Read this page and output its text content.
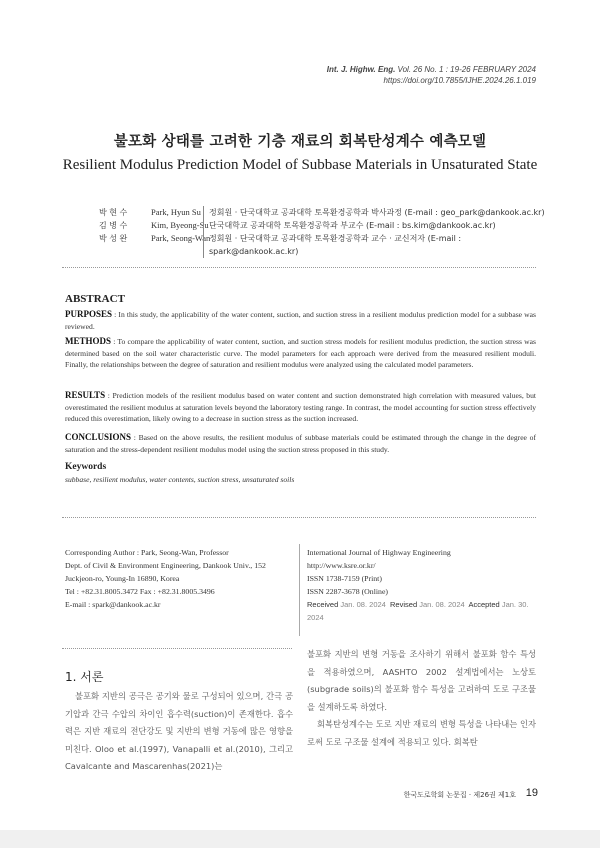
Int. J. Highw. Eng. Vol. 26 No. 1 : 19-26 FEBRUARY 2024
https://doi.org/10.7855/IJHE.2024.26.1.019
불포화 상태를 고려한 기층 재료의 회복탄성계수 예측모델
Resilient Modulus Prediction Model of Subbase Materials in Unsaturated State
박 현 수
김 병 수
박 성 완
Park, Hyun Su
Kim, Byeong-Su
Park, Seong-Wan
정회원 · 단국대학교 공과대학 토목환경공학과 박사과정 (E-mail : geo_park@dankook.ac.kr)
단국대학교 공과대학 토목환경공학과 부교수 (E-mail : bs.kim@dankook.ac.kr)
정회원 · 단국대학교 공과대학 토목환경공학과 교수 · 교신저자 (E-mail : spark@dankook.ac.kr)
ABSTRACT
PURPOSES : In this study, the applicability of the water content, suction, and suction stress in a resilient modulus prediction model for a subbase was reviewed.
METHODS : To compare the applicability of water content, suction, and suction stress models for resilient modulus prediction, the suction stress was determined based on the soil water characteristic curve. The model parameters for each approach were derived from the measured resilient moduli. Finally, the relationships between the degree of saturation and resilient modulus were analyzed using the calculated model parameters.
RESULTS : Prediction models of the resilient modulus based on water content and suction demonstrated high correlation with measured values, but overestimated the resilient modulus at saturation levels beyond the laboratory testing range. In contrast, the model accounting for suction stress effectively reduced this overestimation, likely owing to a decrease in suction stress as the suction increased.
CONCLUSIONS : Based on the above results, the resilient modulus of subbase materials could be estimated through the change in the degree of saturation and the stress-dependent resilient modulus model using the suction stress proposed in this study.
Keywords
subbase, resilient modulus, water contents, suction stress, unsaturated soils
Corresponding Author : Park, Seong-Wan, Professor
Dept. of Civil & Environment Engineering, Dankook Univ., 152
Juckjeon-ro, Young-In 16890, Korea
Tel : +82.31.8005.3472 Fax : +82.31.8005.3496
E-mail : spark@dankook.ac.kr
International Journal of Highway Engineering
http://www.ksre.or.kr/
ISSN 1738-7159 (Print)
ISSN 2287-3678 (Online)
Received Jan. 08. 2024 Revised Jan. 08. 2024 Accepted Jan. 30. 2024
1. 서론

불포화 지반의 공극은 공기와 물로 구성되어 있으며, 간극 공기압과 간극 수압의 차이인 흡수력(suction)이 존재한다. 흡수력은 지반 재료의 전단강도 및 지반의 변형 거동에 많은 영향을 미친다. Oloo et al.(1997), Vanapalli et al.(2010), 그리고 Cavalcante and Mascarenhas(2021)는

불포화 지반의 변형 거동을 조사하기 위해서 불포화 함수 특성을 적용하였으며, AASHTO 2002 설계법에서는 노상토(subgrade soils)의 불포화 함수 특성을 고려하여 도로 구조물을 설계하도록 하였다.

회복탄성계수는 도로 지반 재료의 변형 특성을 나타내는 인자로써 도로 구조물 설계에 적용되고 있다. 회복탄

한국도로학회 논문집 · 제26권 제1호 19
